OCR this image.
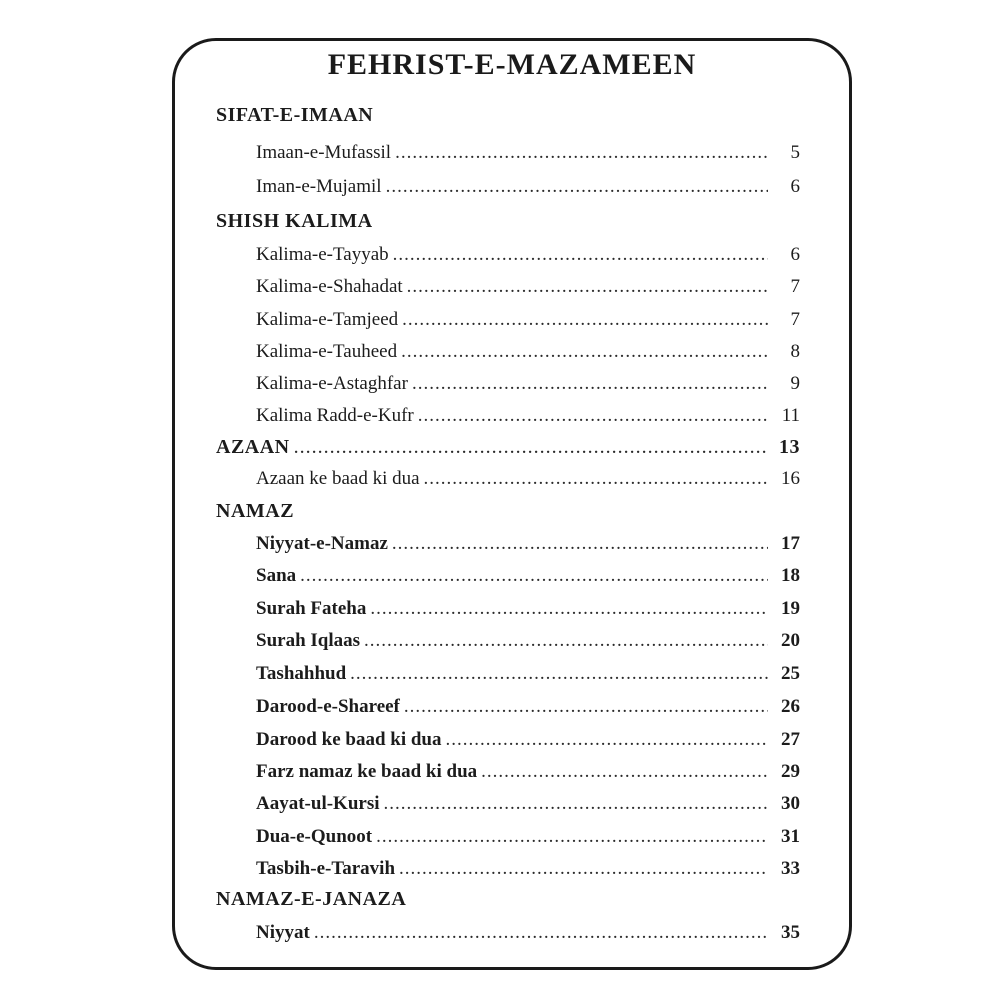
FEHRIST-E-MAZAMEEN
SIFAT-E-IMAAN
Imaan-e-Mufassil .....	5
Iman-e-Mujamil .....	6
SHISH KALIMA
Kalima-e-Tayyab .....	6
Kalima-e-Shahadat .....	7
Kalima-e-Tamjeed .....	7
Kalima-e-Tauheed .....	8
Kalima-e-Astaghfar .....	9
Kalima Radd-e-Kufr .....	11
AZAAN .....	13
Azaan ke baad ki dua .....	16
NAMAZ
Niyyat-e-Namaz .....	17
Sana .....	18
Surah Fateha .....	19
Surah Iqlaas .....	20
Tashahhud .....	25
Darood-e-Shareef .....	26
Darood ke baad ki dua .....	27
Farz namaz ke baad ki dua .....	29
Aayat-ul-Kursi .....	30
Dua-e-Qunoot .....	31
Tasbih-e-Taravih .....	33
NAMAZ-E-JANAZA
Niyyat .....	35
